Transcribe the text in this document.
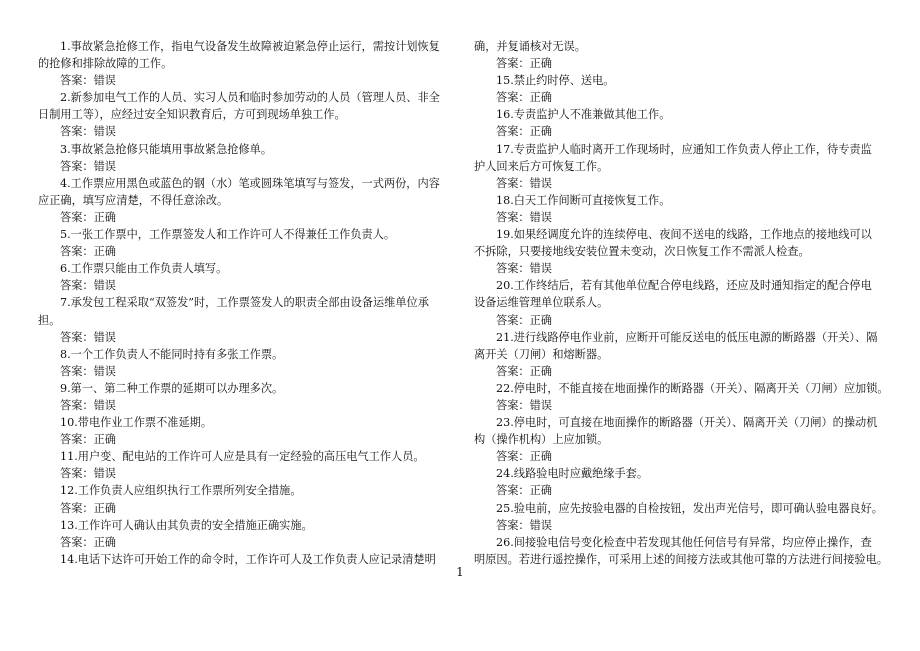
1.事故紧急抢修工作，指电气设备发生故障被迫紧急停止运行，需按计划恢复
的抢修和排除故障的工作。
答案：错误
2.新参加电气工作的人员、实习人员和临时参加劳动的人员（管理人员、非全
日制用工等），应经过安全知识教育后，方可到现场单独工作。
答案：错误
3.事故紧急抢修只能填用事故紧急抢修单。
答案：错误
4.工作票应用黑色或蓝色的钢（水）笔或圆珠笔填写与签发，一式两份，内容
应正确，填写应清楚，不得任意涂改。
答案：正确
5.一张工作票中，工作票签发人和工作许可人不得兼任工作负责人。
答案：正确
6.工作票只能由工作负责人填写。
答案：错误
7.承发包工程采取“双签发”时，工作票签发人的职责全部由设备运维单位承
担。
答案：错误
8.一个工作负责人不能同时持有多张工作票。
答案：错误
9.第一、第二种工作票的延期可以办理多次。
答案：错误
10.带电作业工作票不准延期。
答案：正确
11.用户变、配电站的工作许可人应是具有一定经验的高压电气工作人员。
答案：错误
12.工作负责人应组织执行工作票所列安全措施。
答案：正确
13.工作许可人确认由其负责的安全措施正确实施。
答案：正确
14.电话下达许可开始工作的命令时，工作许可人及工作负责人应记录清楚明
确，并复诵核对无误。
答案：正确
15.禁止约时停、送电。
答案：正确
16.专责监护人不准兼做其他工作。
答案：正确
17.专责监护人临时离开工作现场时，应通知工作负责人停止工作，待专责监
护人回来后方可恢复工作。
答案：错误
18.白天工作间断可直接恢复工作。
答案：错误
19.如果经调度允许的连续停电、夜间不送电的线路，工作地点的接地线可以
不拆除，只要接地线安装位置未变动，次日恢复工作不需派人检查。
答案：错误
20.工作终结后，若有其他单位配合停电线路，还应及时通知指定的配合停电
设备运维管理单位联系人。
答案：正确
21.进行线路停电作业前，应断开可能反送电的低压电源的断路器（开关）、隔
离开关（刀闸）和熔断器。
答案：正确
22.停电时，不能直接在地面操作的断路器（开关）、隔离开关（刀闸）应加锁。
答案：错误
23.停电时，可直接在地面操作的断路器（开关）、隔离开关（刀闸）的操动机
构（操作机构）上应加锁。
答案：正确
24.线路验电时应戴绝缘手套。
答案：正确
25.验电前，应先按验电器的自检按钮，发出声光信号，即可确认验电器良好。
答案：错误
26.间接验电信号变化检查中若发现其他任何信号有异常，均应停止操作，查
明原因。若进行遥控操作，可采用上述的间接方法或其他可靠的方法进行间接验电。
1
